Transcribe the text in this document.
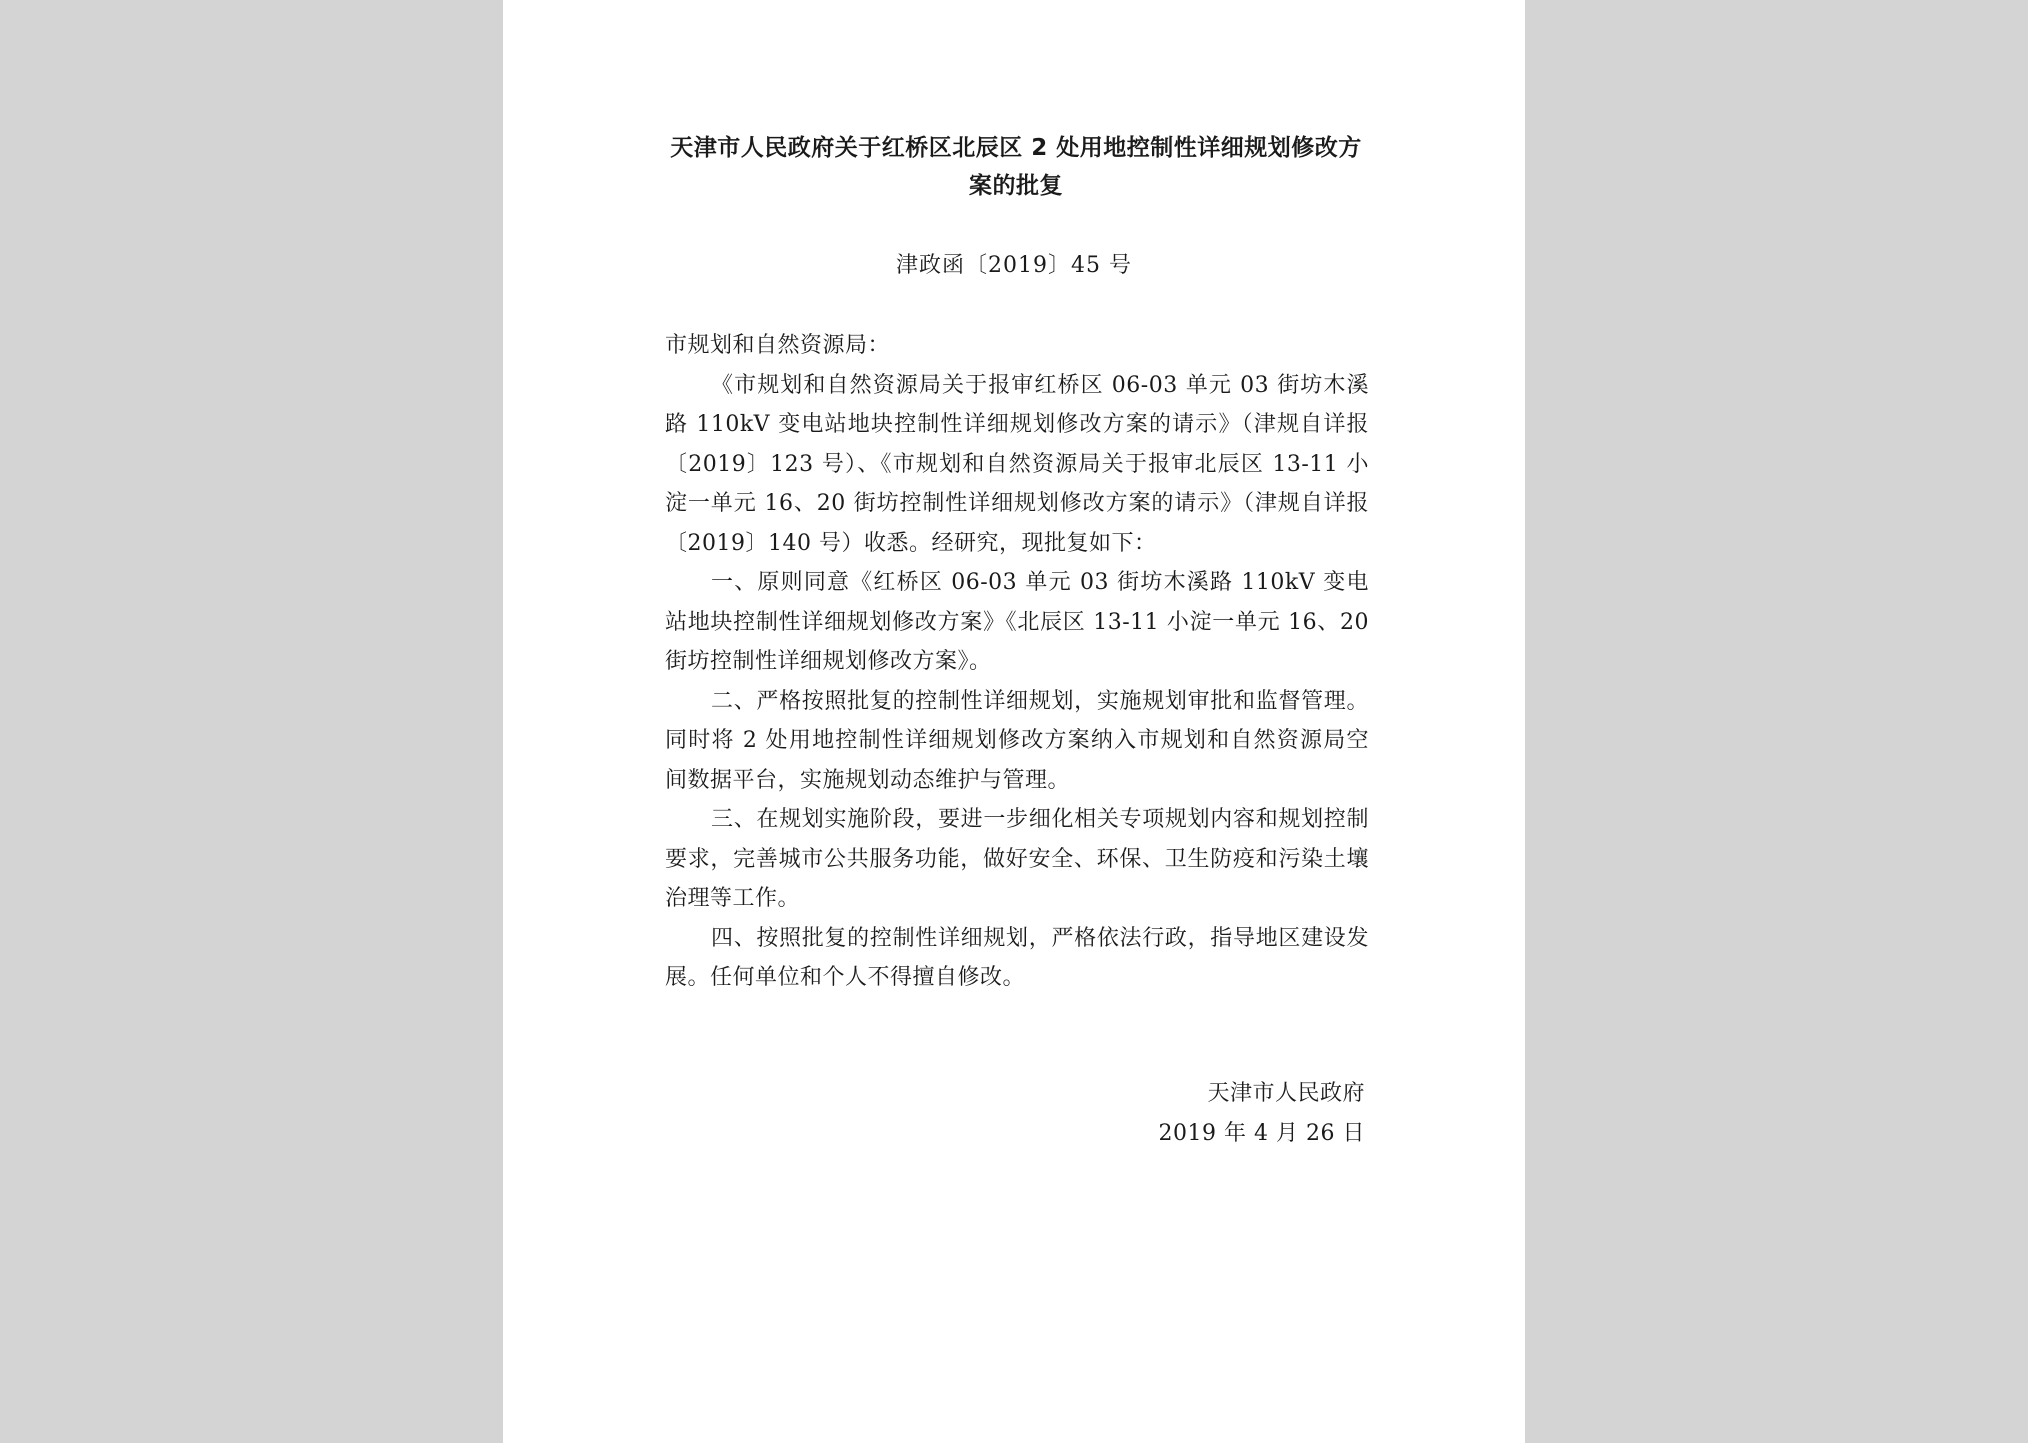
天津市人民政府关于红桥区北辰区 2 处用地控制性详细规划修改方
案的批复
津政函〔2019〕45 号

市规划和自然资源局：

《市规划和自然资源局关于报审红桥区 06-03 单元 03 街坊木溪路 110kV 变电站地块控制性详细规划修改方案的请示》（津规自详报〔2019〕123 号）、《市规划和自然资源局关于报审北辰区 13-11 小淀一单元 16、20 街坊控制性详细规划修改方案的请示》（津规自详报〔2019〕140 号）收悉。经研究，现批复如下：

一、原则同意《红桥区 06-03 单元 03 街坊木溪路 110kV 变电站地块控制性详细规划修改方案》《北辰区 13-11 小淀一单元 16、20 街坊控制性详细规划修改方案》。

二、严格按照批复的控制性详细规划，实施规划审批和监督管理。同时将 2 处用地控制性详细规划修改方案纳入市规划和自然资源局空间数据平台，实施规划动态维护与管理。

三、在规划实施阶段，要进一步细化相关专项规划内容和规划控制要求，完善城市公共服务功能，做好安全、环保、卫生防疫和污染土壤治理等工作。

四、按照批复的控制性详细规划，严格依法行政，指导地区建设发展。任何单位和个人不得擅自修改。

天津市人民政府
2019 年 4 月 26 日
